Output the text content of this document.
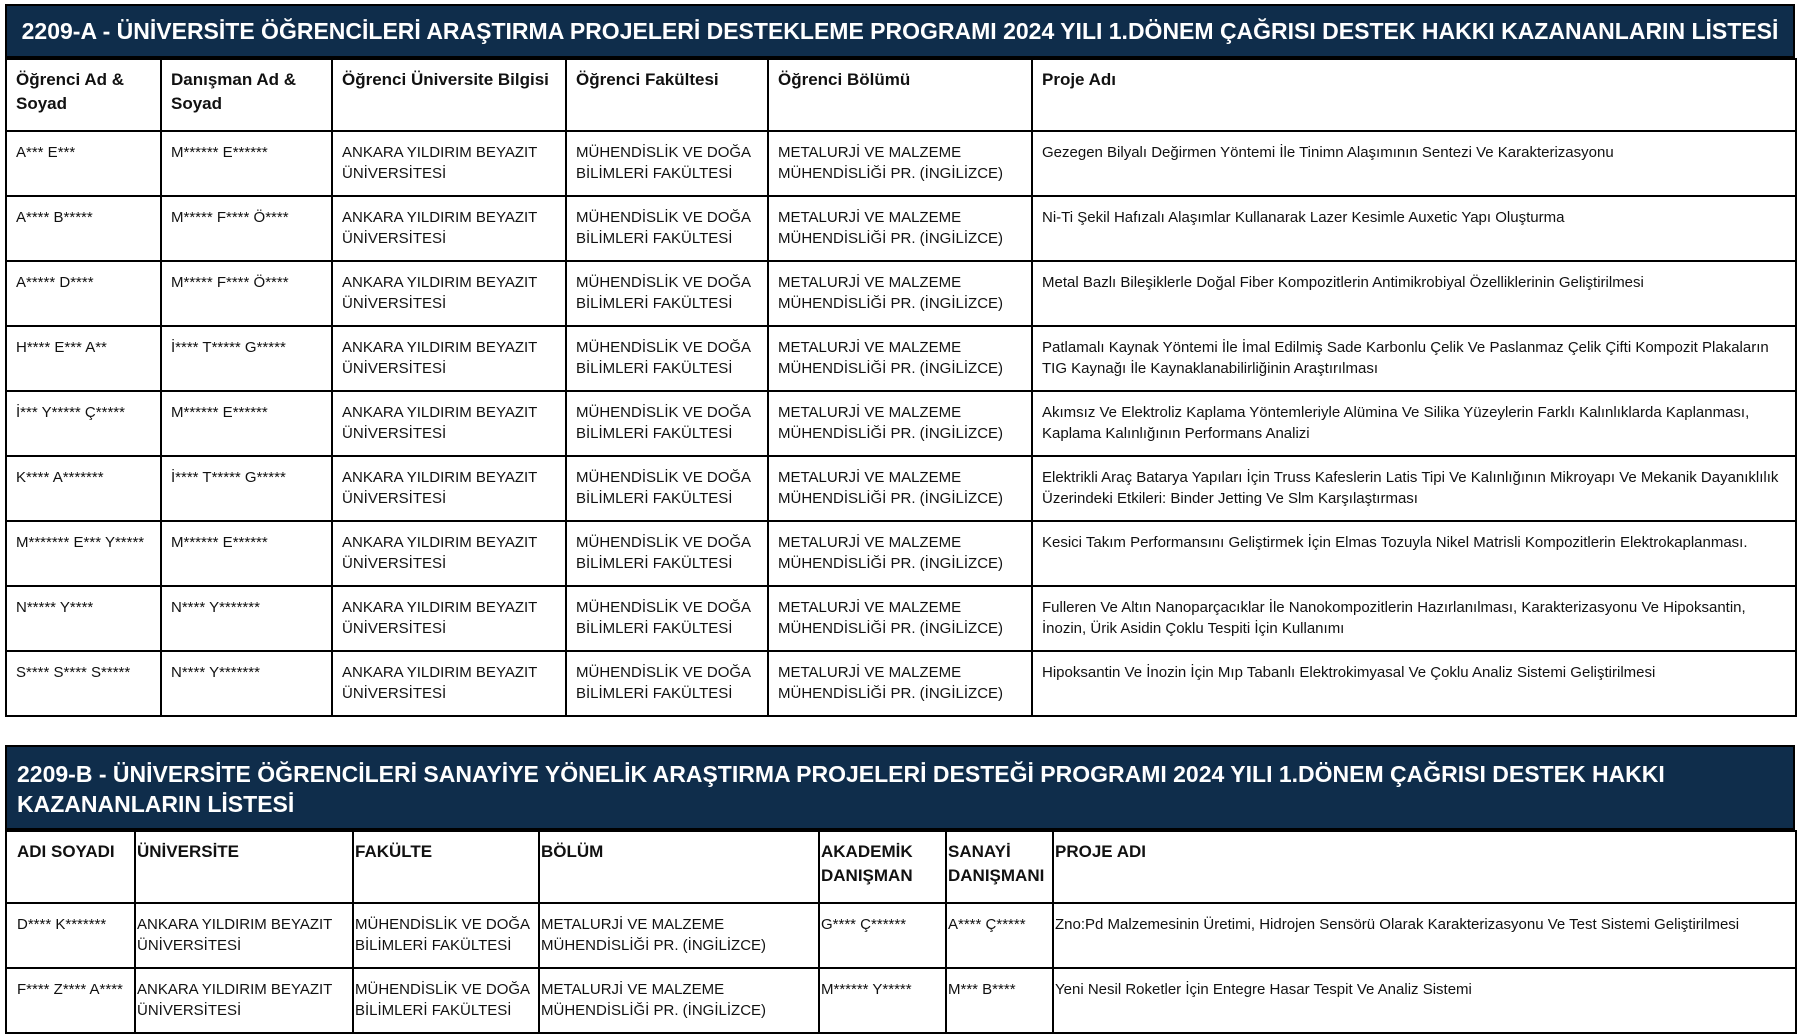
2209-A - ÜNİVERSİTE ÖĞRENCİLERİ ARAŞTIRMA PROJELERİ DESTEKLEME PROGRAMI 2024 YILI 1.DÖNEM ÇAĞRISI DESTEK HAKKI KAZANANLARIN LİSTESİ
Öğrenci Ad & Soyad	Danışman Ad & Soyad	Öğrenci Üniversite Bilgisi	Öğrenci Fakültesi	Öğrenci Bölümü	Proje Adı
A*** E***	M****** E******	ANKARA YILDIRIM BEYAZIT ÜNİVERSİTESİ	MÜHENDİSLİK VE DOĞA BİLİMLERİ FAKÜLTESİ	METALURJİ VE MALZEME MÜHENDİSLİĞİ PR. (İNGİLİZCE)	Gezegen Bilyalı Değirmen Yöntemi İle Tinimn Alaşımının Sentezi Ve Karakterizasyonu
A**** B*****	M***** F**** Ö****	ANKARA YILDIRIM BEYAZIT ÜNİVERSİTESİ	MÜHENDİSLİK VE DOĞA BİLİMLERİ FAKÜLTESİ	METALURJİ VE MALZEME MÜHENDİSLİĞİ PR. (İNGİLİZCE)	Ni-Ti Şekil Hafızalı Alaşımlar Kullanarak Lazer Kesimle Auxetic Yapı Oluşturma
A***** D****	M***** F**** Ö****	ANKARA YILDIRIM BEYAZIT ÜNİVERSİTESİ	MÜHENDİSLİK VE DOĞA BİLİMLERİ FAKÜLTESİ	METALURJİ VE MALZEME MÜHENDİSLİĞİ PR. (İNGİLİZCE)	Metal Bazlı Bileşiklerle Doğal Fiber Kompozitlerin Antimikrobiyal Özelliklerinin Geliştirilmesi
H**** E*** A**	İ**** T***** G*****	ANKARA YILDIRIM BEYAZIT ÜNİVERSİTESİ	MÜHENDİSLİK VE DOĞA BİLİMLERİ FAKÜLTESİ	METALURJİ VE MALZEME MÜHENDİSLİĞİ PR. (İNGİLİZCE)	Patlamalı Kaynak Yöntemi İle İmal Edilmiş Sade Karbonlu Çelik Ve Paslanmaz Çelik Çifti Kompozit Plakaların TIG Kaynağı İle Kaynaklanabilirliğinin Araştırılması
İ*** Y***** Ç*****	M****** E******	ANKARA YILDIRIM BEYAZIT ÜNİVERSİTESİ	MÜHENDİSLİK VE DOĞA BİLİMLERİ FAKÜLTESİ	METALURJİ VE MALZEME MÜHENDİSLİĞİ PR. (İNGİLİZCE)	Akımsız Ve Elektroliz Kaplama Yöntemleriyle Alümina Ve Silika Yüzeylerin Farklı Kalınlıklarda Kaplanması, Kaplama Kalınlığının Performans Analizi
K**** A*******	İ**** T***** G*****	ANKARA YILDIRIM BEYAZIT ÜNİVERSİTESİ	MÜHENDİSLİK VE DOĞA BİLİMLERİ FAKÜLTESİ	METALURJİ VE MALZEME MÜHENDİSLİĞİ PR. (İNGİLİZCE)	Elektrikli Araç Batarya Yapıları İçin Truss Kafeslerin Latis Tipi Ve Kalınlığının Mikroyapı Ve Mekanik Dayanıklılık Üzerindeki Etkileri: Binder Jetting Ve Slm Karşılaştırması
M******* E*** Y*****	M****** E******	ANKARA YILDIRIM BEYAZIT ÜNİVERSİTESİ	MÜHENDİSLİK VE DOĞA BİLİMLERİ FAKÜLTESİ	METALURJİ VE MALZEME MÜHENDİSLİĞİ PR. (İNGİLİZCE)	Kesici Takım Performansını Geliştirmek İçin Elmas Tozuyla Nikel Matrisli Kompozitlerin Elektrokaplanması.
N***** Y****	N**** Y*******	ANKARA YILDIRIM BEYAZIT ÜNİVERSİTESİ	MÜHENDİSLİK VE DOĞA BİLİMLERİ FAKÜLTESİ	METALURJİ VE MALZEME MÜHENDİSLİĞİ PR. (İNGİLİZCE)	Fulleren Ve Altın Nanoparçacıklar İle Nanokompozitlerin Hazırlanılması, Karakterizasyonu Ve Hipoksantin, İnozin, Ürik Asidin Çoklu Tespiti İçin Kullanımı
S**** S**** S*****	N**** Y*******	ANKARA YILDIRIM BEYAZIT ÜNİVERSİTESİ	MÜHENDİSLİK VE DOĞA BİLİMLERİ FAKÜLTESİ	METALURJİ VE MALZEME MÜHENDİSLİĞİ PR. (İNGİLİZCE)	Hipoksantin Ve İnozin İçin Mıp Tabanlı Elektrokimyasal Ve Çoklu Analiz Sistemi Geliştirilmesi
2209-B - ÜNİVERSİTE ÖĞRENCİLERİ SANAYİYE YÖNELİK ARAŞTIRMA PROJELERİ DESTEĞİ PROGRAMI 2024 YILI 1.DÖNEM ÇAĞRISI DESTEK HAKKI KAZANANLARIN LİSTESİ
ADI SOYADI	ÜNİVERSİTE	FAKÜLTE	BÖLÜM	AKADEMİK DANIŞMAN	SANAYİ DANIŞMANI	PROJE ADI
D**** K*******	ANKARA YILDIRIM BEYAZIT ÜNİVERSİTESİ	MÜHENDİSLİK VE DOĞA BİLİMLERİ FAKÜLTESİ	METALURJİ VE MALZEME MÜHENDİSLİĞİ PR. (İNGİLİZCE)	G**** Ç******	A**** Ç*****	Zno:Pd Malzemesinin Üretimi, Hidrojen Sensörü Olarak Karakterizasyonu Ve Test Sistemi Geliştirilmesi
F**** Z**** A****	ANKARA YILDIRIM BEYAZIT ÜNİVERSİTESİ	MÜHENDİSLİK VE DOĞA BİLİMLERİ FAKÜLTESİ	METALURJİ VE MALZEME MÜHENDİSLİĞİ PR. (İNGİLİZCE)	M****** Y*****	M*** B****	Yeni Nesil Roketler İçin Entegre Hasar Tespit Ve Analiz Sistemi
